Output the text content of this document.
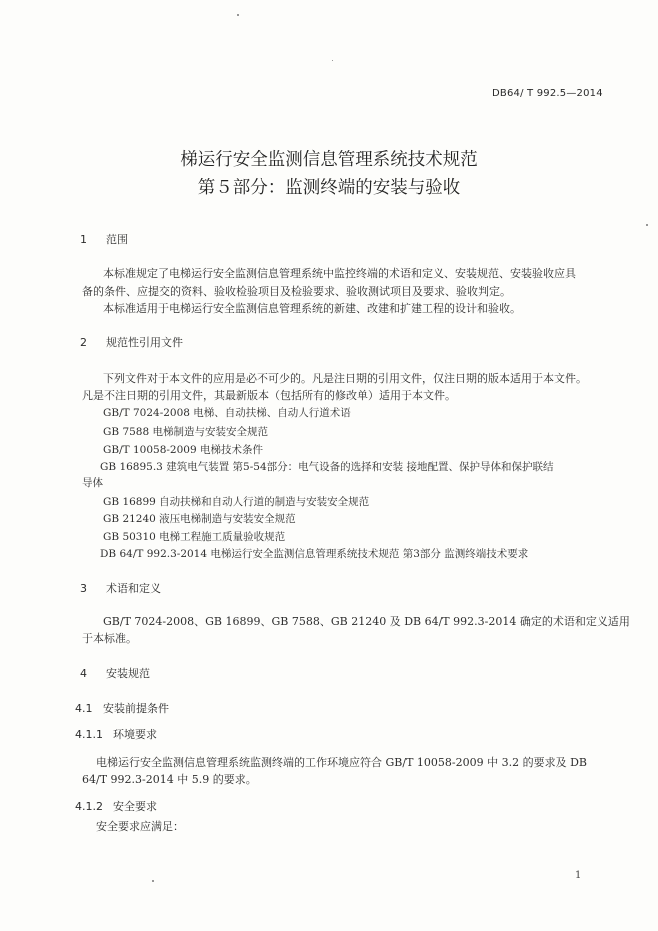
DB64/ T 992.5—2014
梯运行安全监测信息管理系统技术规范
第５部分：监测终端的安装与验收
1 范围
本标准规定了电梯运行安全监测信息管理系统中监控终端的术语和定义、安装规范、安装验收应具
备的条件、应提交的资料、验收检验项目及检验要求、验收测试项目及要求、验收判定。
本标准适用于电梯运行安全监测信息管理系统的新建、改建和扩建工程的设计和验收。
2 规范性引用文件
下列文件对于本文件的应用是必不可少的。凡是注日期的引用文件，仅注日期的版本适用于本文件。
凡是不注日期的引用文件，其最新版本（包括所有的修改单）适用于本文件。
GB/T 7024-2008 电梯、自动扶梯、自动人行道术语
GB 7588 电梯制造与安装安全规范
GB/T 10058-2009 电梯技术条件
GB 16895.3 建筑电气装置 第5-54部分：电气设备的选择和安装 接地配置、保护导体和保护联结
导体
GB 16899 自动扶梯和自动人行道的制造与安装安全规范
GB 21240 液压电梯制造与安装安全规范
GB 50310 电梯工程施工质量验收规范
DB 64/T 992.3-2014 电梯运行安全监测信息管理系统技术规范 第3部分 监测终端技术要求
3 术语和定义
GB/T 7024-2008、GB 16899、GB 7588、GB 21240 及 DB 64/T 992.3-2014 确定的术语和定义适用
于本标准。
4 安装规范
4.1 安装前提条件
4.1.1 环境要求
电梯运行安全监测信息管理系统监测终端的工作环境应符合 GB/T 10058-2009 中 3.2 的要求及 DB
64/T 992.3-2014 中 5.9 的要求。
4.1.2 安全要求
安全要求应满足：
1
